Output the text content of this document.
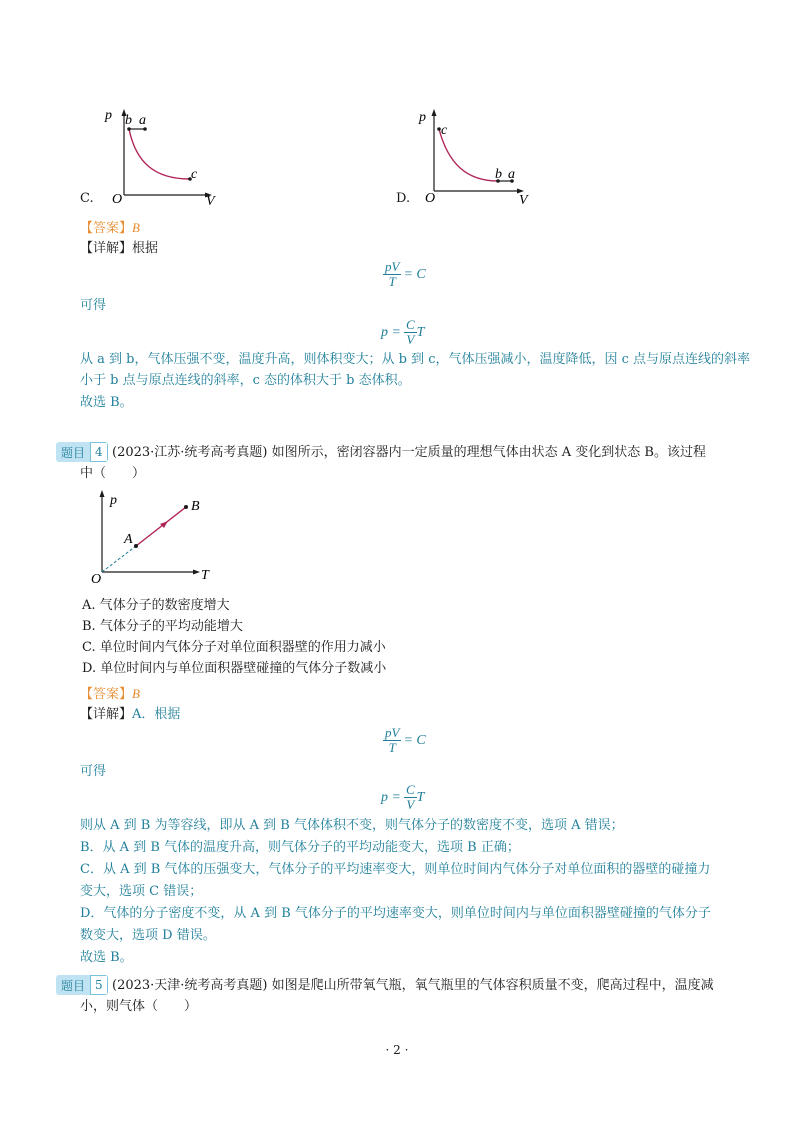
C.
p
V
O
b a
c
D.
p
V
O
c
b a
【答案】B
【详解】根据
$\frac{pV}{T} = C$
可得
$p = \frac{C}{V}$ T
从 a 到 b，气体压强不变，温度升高，则体积变大；从 b 到 c，气体压强减小，温度降低，因 c 点与原点连线的斜率
小于 b 点与原点连线的斜率，c 态的体积大于 b 态体积。
故选 B。
题目 4 (2023·江苏·统考高考真题) 如图所示，密闭容器内一定质量的理想气体由状态 A 变化到状态 B。该过程
中（　　）
p
T
O
A
B
A. 气体分子的数密度增大
B. 气体分子的平均动能增大
C. 单位时间内气体分子对单位面积器壁的作用力减小
D. 单位时间内与单位面积器壁碰撞的气体分子数减小
【答案】B
【详解】A．根据
$\frac{pV}{T} = C$
可得
$p = \frac{C}{V}$ T
则从 A 到 B 为等容线，即从 A 到 B 气体体积不变，则气体分子的数密度不变，选项 A 错误；
B．从 A 到 B 气体的温度升高，则气体分子的平均动能变大，选项 B 正确；
C．从 A 到 B 气体的压强变大，气体分子的平均速率变大，则单位时间内气体分子对单位面积的器壁的碰撞力
变大，选项 C 错误；
D．气体的分子密度不变，从 A 到 B 气体分子的平均速率变大，则单位时间内与单位面积器壁碰撞的气体分子
数变大，选项 D 错误。
故选 B。
题目 5 (2023·天津·统考高考真题) 如图是爬山所带氧气瓶，氧气瓶里的气体容积质量不变，爬高过程中，温度减
小，则气体（　　）
· 2 ·
